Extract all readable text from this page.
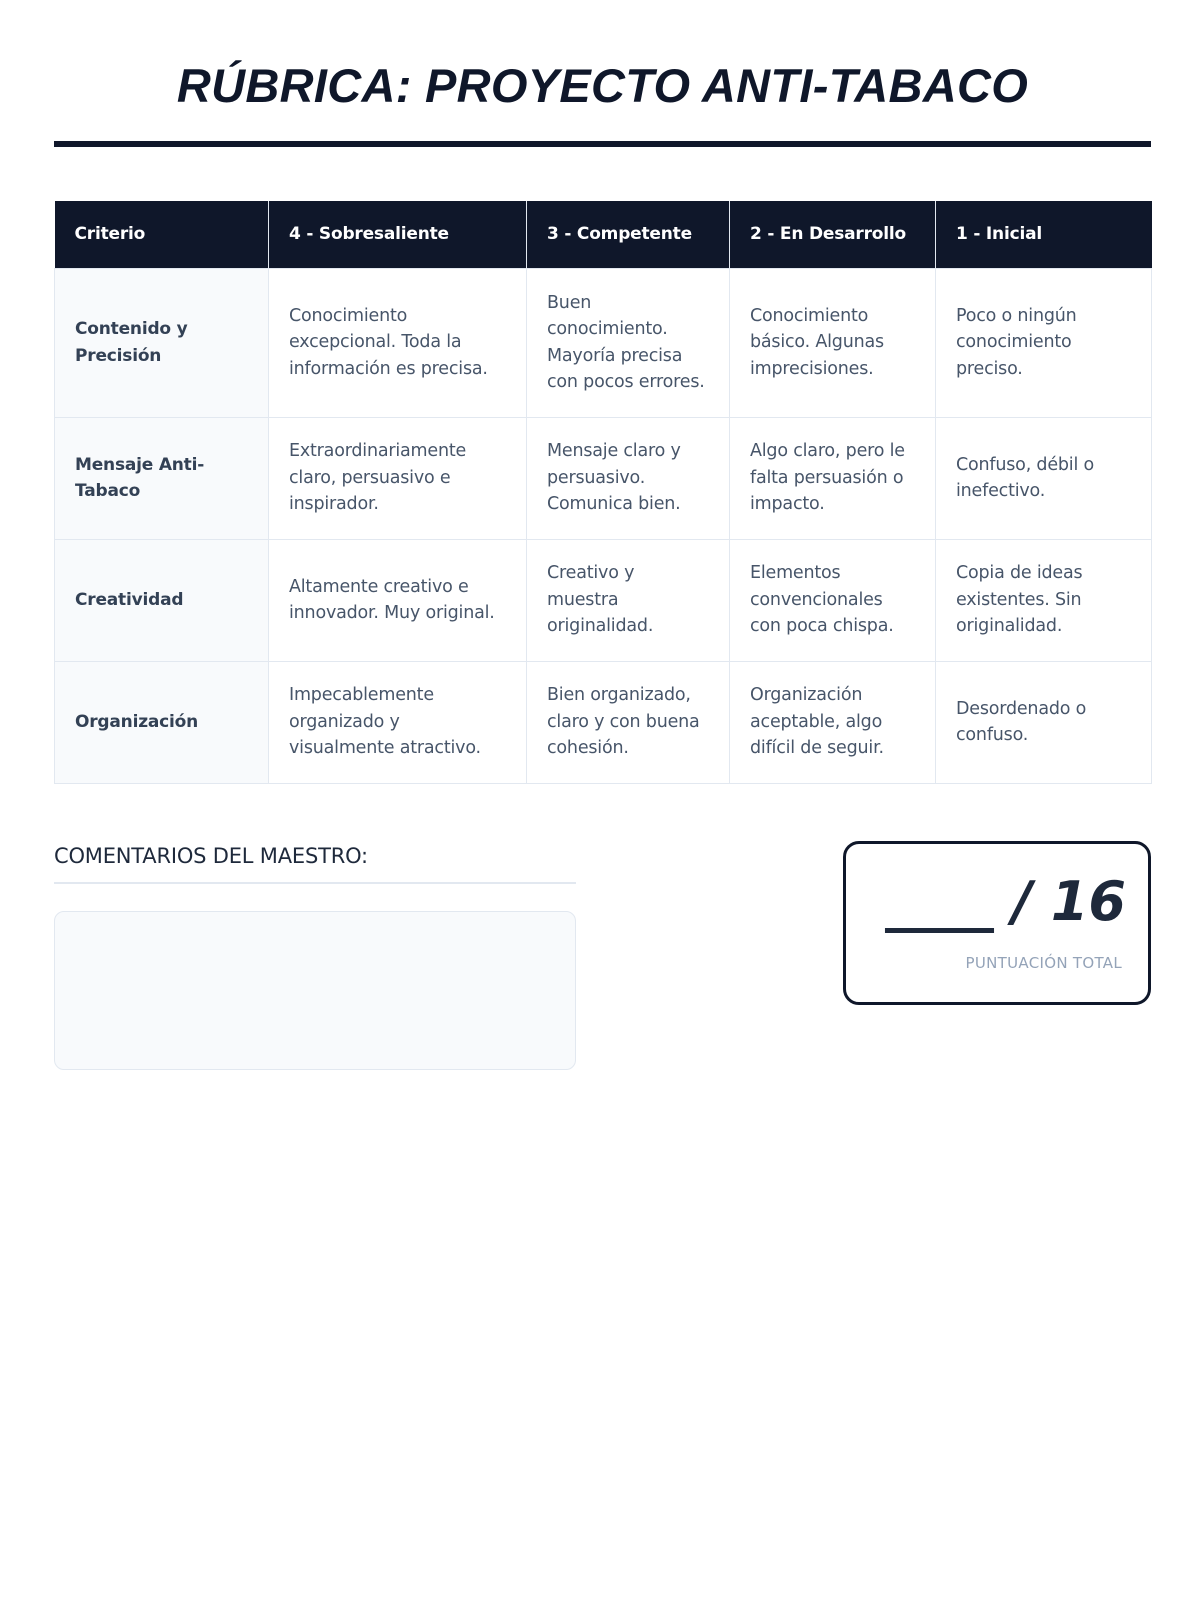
RÚBRICA: PROYECTO ANTI-TABACO
Criterio	4 - Sobresaliente	3 - Competente	2 - En Desarrollo	1 - Inicial
Contenido y Precisión	Conocimiento excepcional. Toda la información es precisa.	Buen conocimiento. Mayoría precisa con pocos errores.	Conocimiento básico. Algunas imprecisiones.	Poco o ningún conocimiento preciso.
Mensaje Anti-Tabaco	Extraordinariamente claro, persuasivo e inspirador.	Mensaje claro y persuasivo. Comunica bien.	Algo claro, pero le falta persuasión o impacto.	Confuso, débil o inefectivo.
Creatividad	Altamente creativo e innovador. Muy original.	Creativo y muestra originalidad.	Elementos convencionales con poca chispa.	Copia de ideas existentes. Sin originalidad.
Organización	Impecablemente organizado y visualmente atractivo.	Bien organizado, claro y con buena cohesión.	Organización aceptable, algo difícil de seguir.	Desordenado o confuso.
COMENTARIOS DEL MAESTRO:
____ / 16
PUNTUACIÓN TOTAL
